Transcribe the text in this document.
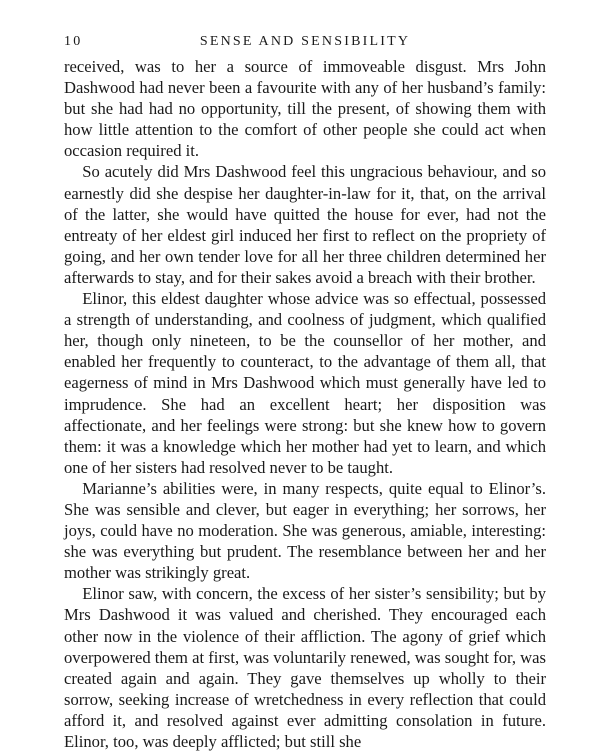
10	SENSE AND SENSIBILITY

received, was to her a source of immoveable disgust. Mrs John Dashwood had never been a favourite with any of her husband’s family: but she had had no opportunity, till the present, of showing them with how little attention to the comfort of other people she could act when occasion required it.

So acutely did Mrs Dashwood feel this ungracious behaviour, and so earnestly did she despise her daughter-in-law for it, that, on the arrival of the latter, she would have quitted the house for ever, had not the entreaty of her eldest girl induced her first to reflect on the propriety of going, and her own tender love for all her three children determined her afterwards to stay, and for their sakes avoid a breach with their brother.

Elinor, this eldest daughter whose advice was so effectual, possessed a strength of understanding, and coolness of judgment, which qualified her, though only nineteen, to be the counsellor of her mother, and enabled her frequently to counteract, to the advantage of them all, that eagerness of mind in Mrs Dashwood which must generally have led to imprudence. She had an excellent heart; her disposition was affectionate, and her feelings were strong: but she knew how to govern them: it was a knowledge which her mother had yet to learn, and which one of her sisters had resolved never to be taught.

Marianne’s abilities were, in many respects, quite equal to Elinor’s. She was sensible and clever, but eager in everything; her sorrows, her joys, could have no moderation. She was generous, amiable, interesting: she was everything but prudent. The resemblance between her and her mother was strikingly great.

Elinor saw, with concern, the excess of her sister’s sensibility; but by Mrs Dashwood it was valued and cherished. They encouraged each other now in the violence of their affliction. The agony of grief which overpowered them at first, was voluntarily renewed, was sought for, was created again and again. They gave themselves up wholly to their sorrow, seeking increase of wretchedness in every reflection that could afford it, and resolved against ever admitting consolation in future. Elinor, too, was deeply afflicted; but still she
